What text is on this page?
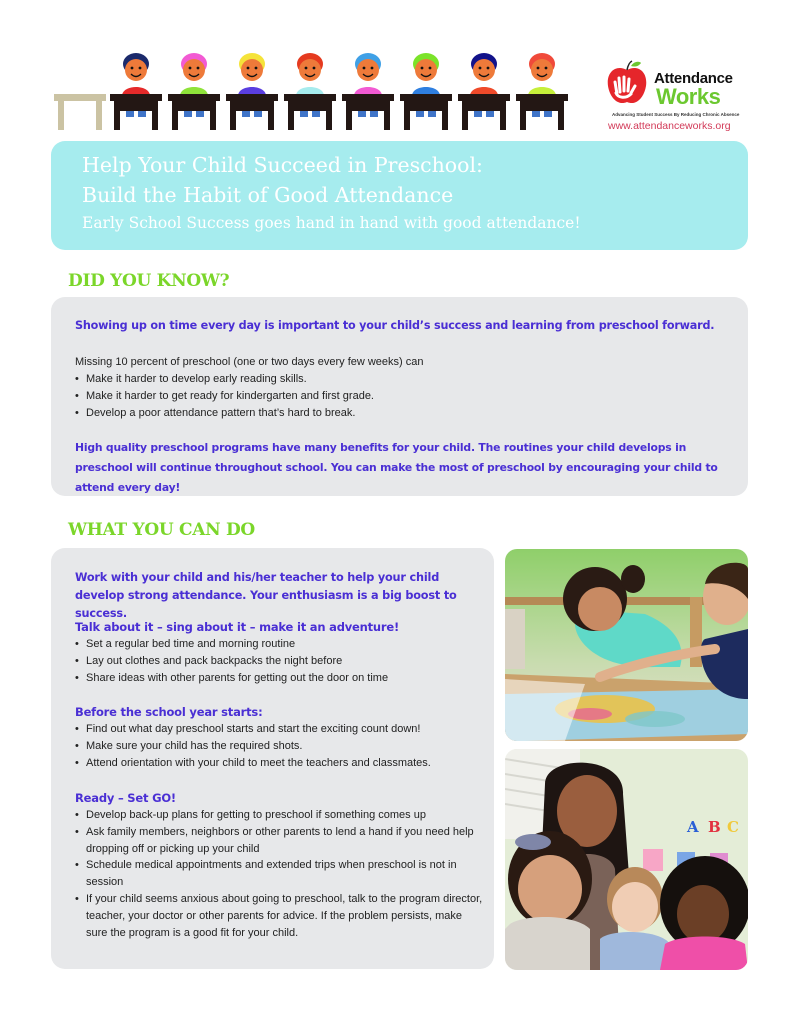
Attendance
Works
Advancing Student Success By Reducing Chronic Absence
www.attendanceworks.org
Help Your Child Succeed in Preschool:
Build the Habit of Good Attendance
Early School Success goes hand in hand with good attendance!
DID YOU KNOW?
Showing up on time every day is important to your child’s success and learning from preschool forward.
Missing 10 percent of preschool (one or two days every few weeks) can
• Make it harder to develop early reading skills.
• Make it harder to get ready for kindergarten and first grade.
• Develop a poor attendance pattern that’s hard to break.
High quality preschool programs have many benefits for your child. The routines your child develops in preschool will continue throughout school. You can make the most of preschool by encouraging your child to attend every day!
WHAT YOU CAN DO
Work with your child and his/her teacher to help your child develop strong attendance. Your enthusiasm is a big boost to success.
Talk about it – sing about it – make it an adventure!
• Set a regular bed time and morning routine
• Lay out clothes and pack backpacks the night before
• Share ideas with other parents for getting out the door on time
Before the school year starts:
• Find out what day preschool starts and start the exciting count down!
• Make sure your child has the required shots.
• Attend orientation with your child to meet the teachers and classmates.
Ready – Set GO!
• Develop back-up plans for getting to preschool if something comes up
• Ask family members, neighbors or other parents to lend a hand if you need help dropping off or picking up your child
• Schedule medical appointments and extended trips when preschool is not in session
• If your child seems anxious about going to preschool, talk to the program director, teacher, your doctor or other parents for advice. If the problem persists, make sure the program is a good fit for your child.
A B C
